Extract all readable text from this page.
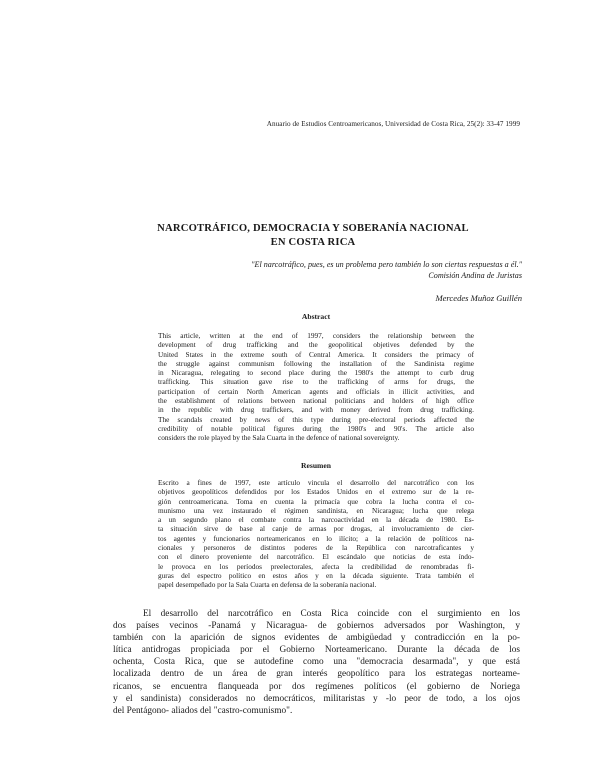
Anuario de Estudios Centroamericanos, Universidad de Costa Rica, 25(2): 33-47 1999
NARCOTRÁFICO, DEMOCRACIA Y SOBERANÍA NACIONAL
EN COSTA RICA
"El narcotráfico, pues, es un problema pero también lo son ciertas respuestas a él."
Comisión Andina de Juristas
Mercedes Muñoz Guillén
Abstract
This article, written at the end of 1997, considers the relationship between the
development of drug trafficking and the geopolitical objetives defended by the
United States in the extreme south of Central America. It considers the primacy of
the struggle against communism following the installation of the Sandinista regime
in Nicaragua, relegating to second place during the 1980's the attempt to curb drug
trafficking. This situation gave rise to the trafficking of arms for drugs, the
participation of certain North American agents and officials in illicit activities, and
the establishment of relations between national politicians and holders of high office
in the republic with drug traffickers, and with money derived from drug trafficking.
The scandals created by news of this type during pre-electoral periods affected the
credibility of notable political figures during the 1980's and 90's. The article also
considers the role played by the Sala Cuarta in the defence of national sovereignty.
Resumen
Escrito a fines de 1997, este artículo vincula el desarrollo del narcotráfico con los
objetivos geopolíticos defendidos por los Estados Unidos en el extremo sur de la re-
gión centroamericana. Toma en cuenta la primacía que cobra la lucha contra el co-
munismo una vez instaurado el régimen sandinista, en Nicaragua; lucha que relega
a un segundo plano el combate contra la narcoactividad en la década de 1980. Es-
ta situación sirve de base al canje de armas por drogas, al involucramiento de cier-
tos agentes y funcionarios norteamericanos en lo ilícito; a la relación de políticos na-
cionales y personeros de distintos poderes de la República con narcotraficantes y
con el dinero proveniente del narcotráfico. El escándalo que noticias de esta índo-
le provoca en los períodos preelectorales, afecta la credibilidad de renombradas fi-
guras del espectro político en estos años y en la década siguiente. Trata también el
papel desempeñado por la Sala Cuarta en defensa de la soberanía nacional.
El desarrollo del narcotráfico en Costa Rica coincide con el surgimiento en los
dos países vecinos -Panamá y Nicaragua- de gobiernos adversados por Washington, y
también con la aparición de signos evidentes de ambigüedad y contradicción en la po-
lítica antidrogas propiciada por el Gobierno Norteamericano. Durante la década de los
ochenta, Costa Rica, que se autodefine como una "democracia desarmada", y que está
localizada dentro de un área de gran interés geopolítico para los estrategas norteame-
ricanos, se encuentra flanqueada por dos regímenes políticos (el gobierno de Noriega
y el sandinista) considerados no democráticos, militaristas y -lo peor de todo, a los ojos
del Pentágono- aliados del "castro-comunismo".
